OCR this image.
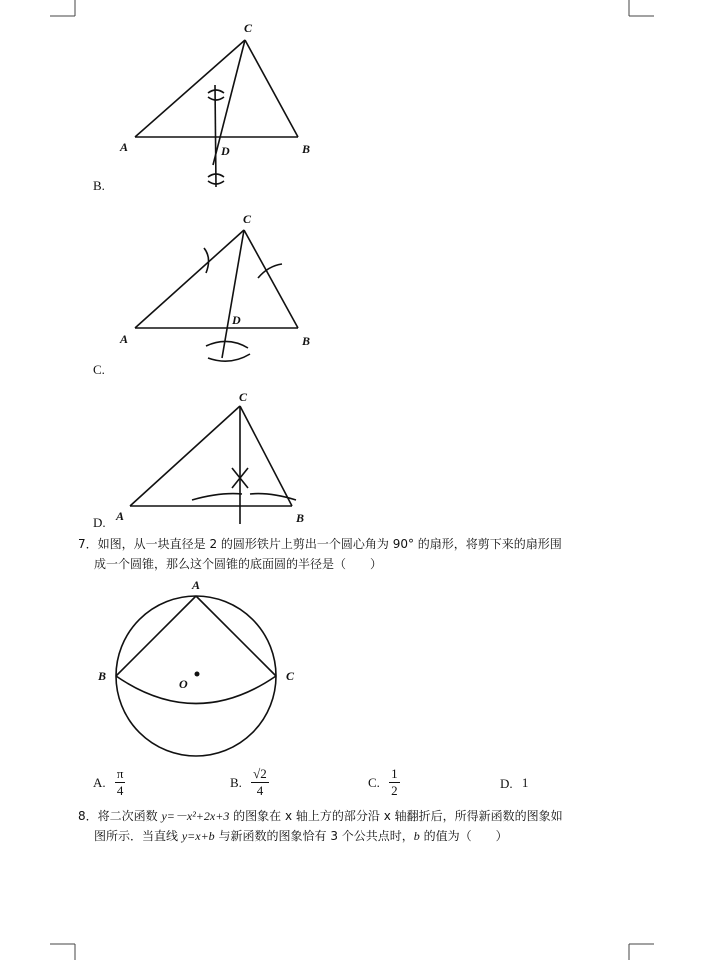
C
A	B
D
B.
C
A	B
D
C.
C
A	B
D.
7．如图，从一块直径是 2 的圆形铁片上剪出一个圆心角为 90° 的扇形，将剪下来的扇形围
成一个圆锥，那么这个圆锥的底面圆的半径是（　　）
A
B	C
O
A. $\frac{\pi}{4}$	B. $\frac{√2}{4}$	C. $\frac{1}{2}$	D. 1
8．将二次函数 y=－x²+2x+3 的图象在 x 轴上方的部分沿 x 轴翻折后，所得新函数的图象如
图所示．当直线 y=x+b 与新函数的图象恰有 3 个公共点时，b 的值为（　　）
